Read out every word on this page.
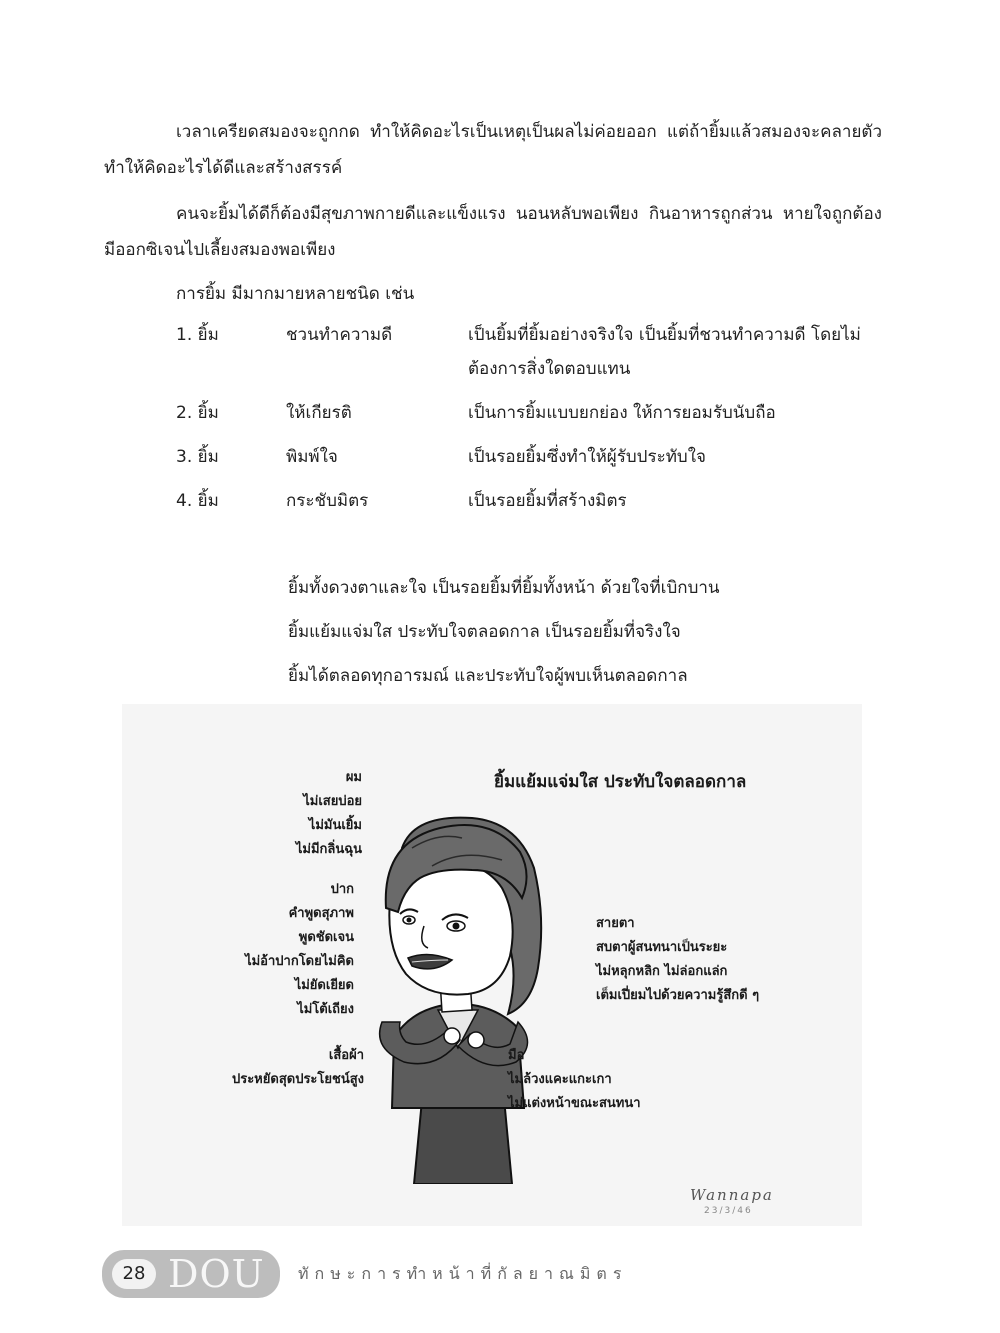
เวลาเครียดสมองจะถูกกด ทำให้คิดอะไรเป็นเหตุเป็นผลไม่ค่อยออก แต่ถ้ายิ้มแล้วสมองจะคลายตัว ทำให้คิดอะไรได้ดีและสร้างสรรค์

คนจะยิ้มได้ดีก็ต้องมีสุขภาพกายดีและแข็งแรง นอนหลับพอเพียง กินอาหารถูกส่วน หายใจถูกต้อง มีออกซิเจนไปเลี้ยงสมองพอเพียง

การยิ้ม มีมากมายหลายชนิด เช่น
1. ยิ้ม	ชวนทำความดี	เป็นยิ้มที่ยิ้มอย่างจริงใจ เป็นยิ้มที่ชวนทำความดี โดยไม่ต้องการสิ่งใดตอบแทน
2. ยิ้ม	ให้เกียรติ	เป็นการยิ้มแบบยกย่อง ให้การยอมรับนับถือ
3. ยิ้ม	พิมพ์ใจ	เป็นรอยยิ้มซึ่งทำให้ผู้รับประทับใจ
4. ยิ้ม	กระชับมิตร	เป็นรอยยิ้มที่สร้างมิตร
ยิ้มทั้งดวงตาและใจ เป็นรอยยิ้มที่ยิ้มทั้งหน้า ด้วยใจที่เบิกบาน
ยิ้มแย้มแจ่มใส ประทับใจตลอดกาล เป็นรอยยิ้มที่จริงใจ
ยิ้มได้ตลอดทุกอารมณ์ และประทับใจผู้พบเห็นตลอดกาล
ยิ้มแย้มแจ่มใส ประทับใจตลอดกาล
ผม
ไม่เสยบ่อย
ไม่มันเยิ้ม
ไม่มีกลิ่นฉุน
ปาก
คำพูดสุภาพ
พูดชัดเจน
ไม่อ้าปากโดยไม่คิด
ไม่ยัดเยียด
ไม่โต้เถียง
เสื้อผ้า
ประหยัดสุดประโยชน์สูง
สายตา
สบตาผู้สนทนาเป็นระยะ
ไม่หลุกหลิก ไม่ล่อกแล่ก
เต็มเปี่ยมไปด้วยความรู้สึกดี ๆ
มือ
ไม่ล้วงแคะแกะเกา
ไม่แต่งหน้าขณะสนทนา
Wannapa
23/3/46
28 DOU ทักษะการทำหน้าที่กัลยาณมิตร
